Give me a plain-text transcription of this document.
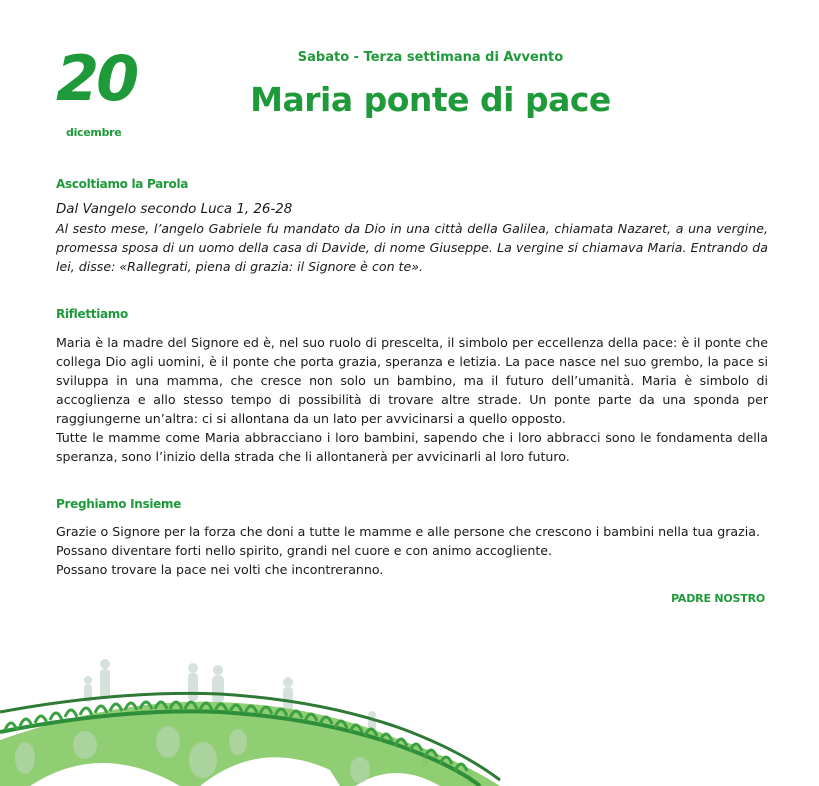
20
dicembre
Sabato - Terza settimana di Avvento
Maria ponte di pace
Ascoltiamo la Parola

Dal Vangelo secondo Luca 1, 26-28

Al sesto mese, l’angelo Gabriele fu mandato da Dio in una città della Galilea, chiamata Nazaret, a una vergine, promessa sposa di un uomo della casa di Davide, di nome Giuseppe. La vergine si chiamava Maria. Entrando da lei, disse: «Rallegrati, piena di grazia: il Signore è con te».

Riflettiamo

Maria è la madre del Signore ed è, nel suo ruolo di prescelta, il simbolo per eccellenza della pace: è il ponte che collega Dio agli uomini, è il ponte che porta grazia, speranza e letizia. La pace nasce nel suo grembo, la pace si sviluppa in una mamma, che cresce non solo un bambino, ma il futuro dell’umanità. Maria è simbolo di accoglienza e allo stesso tempo di possibilità di trovare altre strade. Un ponte parte da una sponda per raggiungerne un’altra: ci si allontana da un lato per avvicinarsi a quello opposto.

Tutte le mamme come Maria abbracciano i loro bambini, sapendo che i loro abbracci sono le fondamenta della speranza, sono l’inizio della strada che li allontanerà per avvicinarli al loro futuro.

Preghiamo Insieme

Grazie o Signore per la forza che doni a tutte le mamme e alle persone che crescono i bambini nella tua grazia.

Possano diventare forti nello spirito, grandi nel cuore e con animo accogliente.

Possano trovare la pace nei volti che incontreranno.

PADRE NOSTRO
